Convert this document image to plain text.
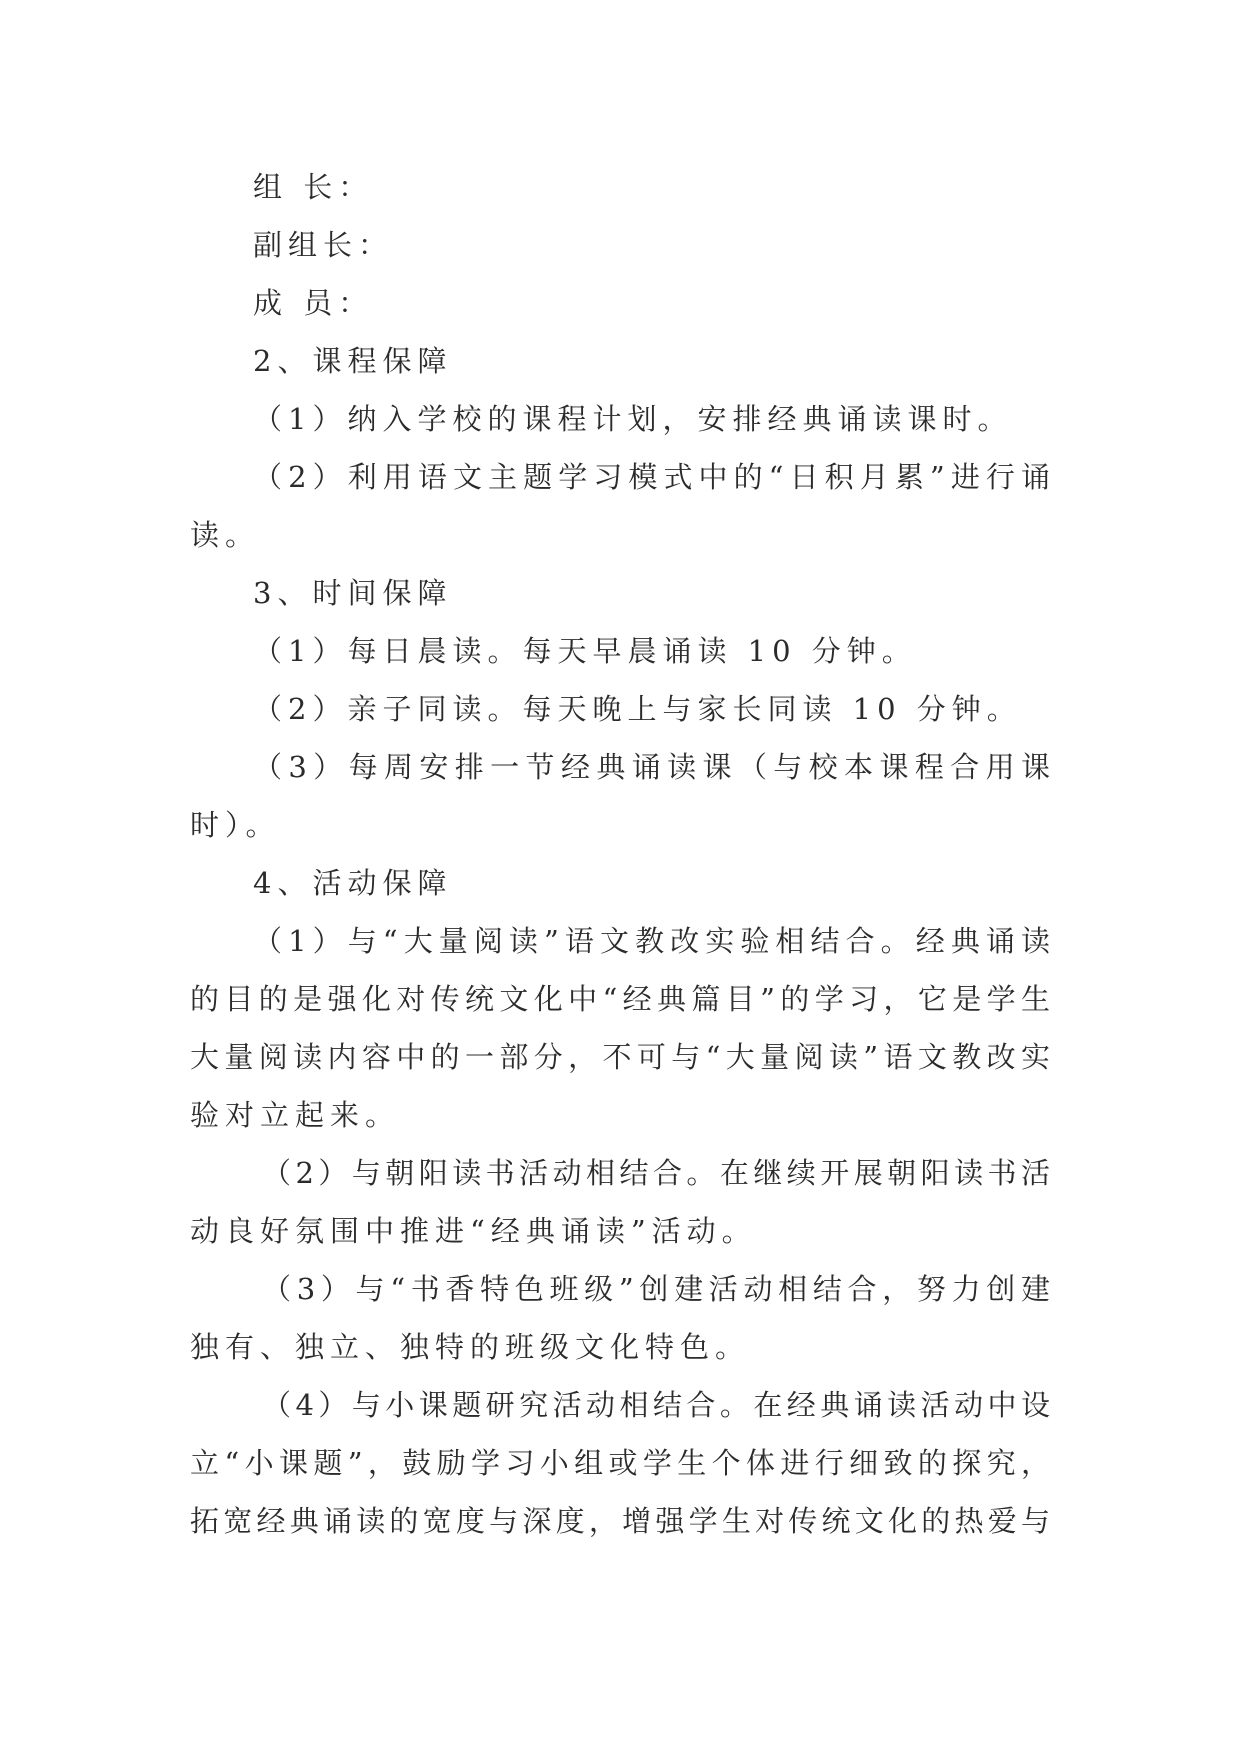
组 长：
副组长：
成 员：
2、课程保障
（1）纳入学校的课程计划，安排经典诵读课时。
（2）利用语文主题学习模式中的“日积月累”进行诵
读。
3、时间保障
（1）每日晨读。每天早晨诵读 10 分钟。
（2）亲子同读。每天晚上与家长同读 10 分钟。
（3）每周安排一节经典诵读课（与校本课程合用课
时）。
4、活动保障
（1）与“大量阅读”语文教改实验相结合。经典诵读
的目的是强化对传统文化中“经典篇目”的学习，它是学生
大量阅读内容中的一部分，不可与“大量阅读”语文教改实
验对立起来。
（2）与朝阳读书活动相结合。在继续开展朝阳读书活
动良好氛围中推进“经典诵读”活动。
（3）与“书香特色班级”创建活动相结合，努力创建
独有、独立、独特的班级文化特色。
（4）与小课题研究活动相结合。在经典诵读活动中设
立“小课题”，鼓励学习小组或学生个体进行细致的探究，
拓宽经典诵读的宽度与深度，增强学生对传统文化的热爱与
